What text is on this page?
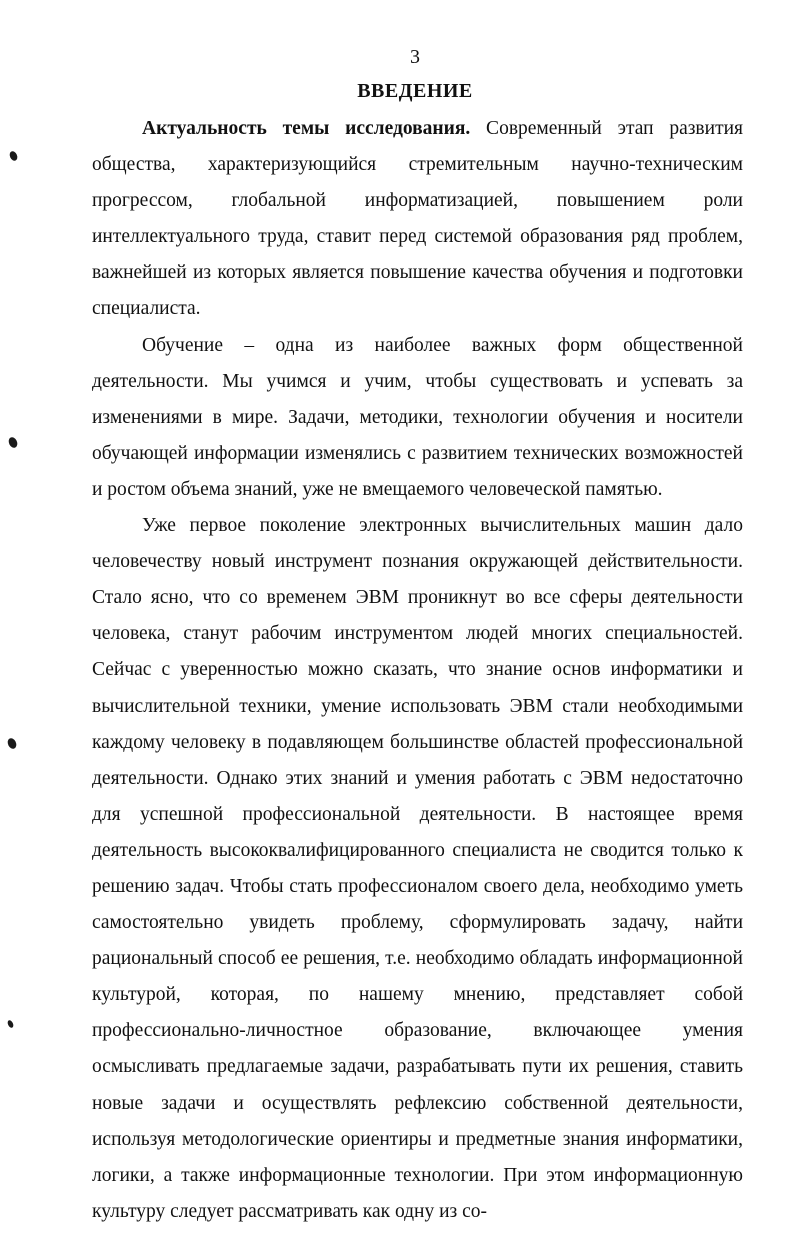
3
ВВЕДЕНИЕ

Актуальность темы исследования. Современный этап развития общества, характеризующийся стремительным научно-техническим прогрессом, глобальной информатизацией, повышением роли интеллектуального труда, ставит перед системой образования ряд проблем, важнейшей из которых является повышение качества обучения и подготовки специалиста.

Обучение – одна из наиболее важных форм общественной деятельности. Мы учимся и учим, чтобы существовать и успевать за изменениями в мире. Задачи, методики, технологии обучения и носители обучающей информации изменялись с развитием технических возможностей и ростом объема знаний, уже не вмещаемого человеческой памятью.

Уже первое поколение электронных вычислительных машин дало человечеству новый инструмент познания окружающей действительности. Стало ясно, что со временем ЭВМ проникнут во все сферы деятельности человека, станут рабочим инструментом людей многих специальностей. Сейчас с уверенностью можно сказать, что знание основ информатики и вычислительной техники, умение использовать ЭВМ стали необходимыми каждому человеку в подавляющем большинстве областей профессиональной деятельности. Однако этих знаний и умения работать с ЭВМ недостаточно для успешной профессиональной деятельности. В настоящее время деятельность высококвалифицированного специалиста не сводится только к решению задач. Чтобы стать профессионалом своего дела, необходимо уметь самостоятельно увидеть проблему, сформулировать задачу, найти рациональный способ ее решения, т.е. необходимо обладать информационной культурой, которая, по нашему мнению, представляет собой профессионально-личностное образование, включающее умения осмысливать предлагаемые задачи, разрабатывать пути их решения, ставить новые задачи и осуществлять рефлексию собственной деятельности, используя методологические ориентиры и предметные знания информатики, логики, а также информационные технологии. При этом информационную культуру следует рассматривать как одну из со-
